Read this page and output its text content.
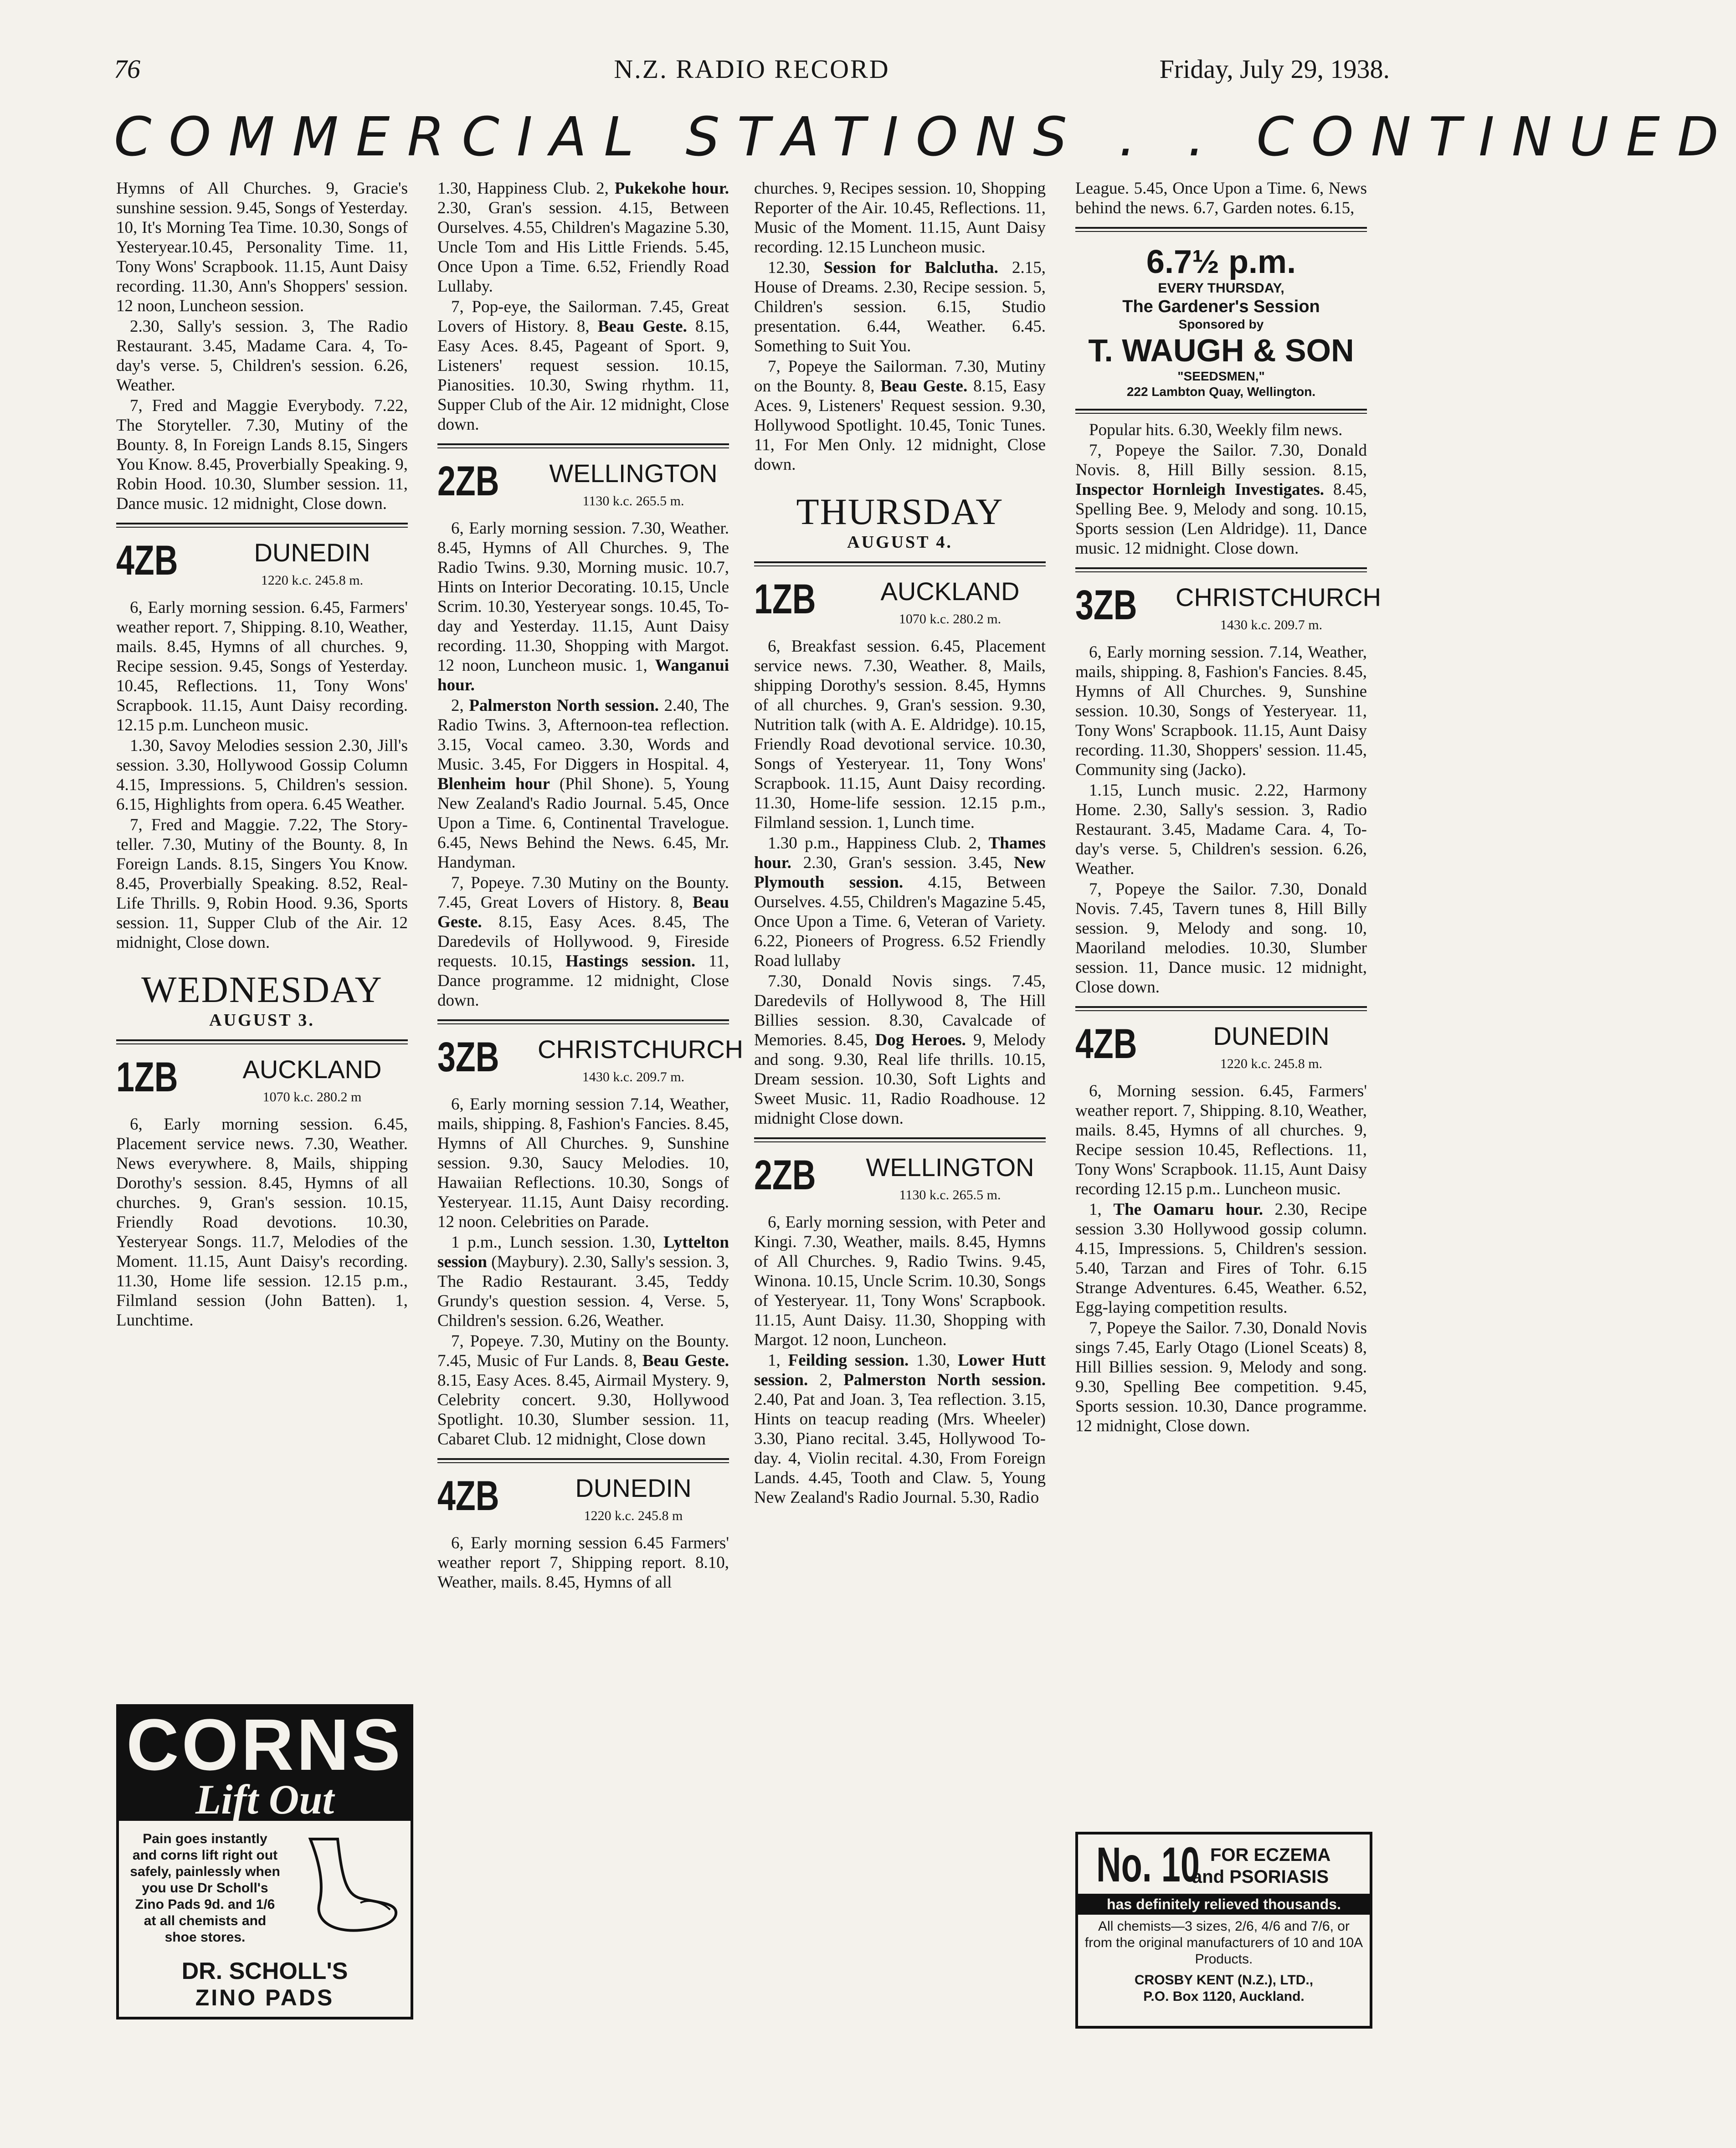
76	N.Z. RADIO RECORD	Friday, July 29, 1938.
COMMERCIAL STATIONS . . CONTINUED

Hymns of All Churches. 9, Gracie's sunshine session. 9.45, Songs of Yesterday. 10, It's Morning Tea Time. 10.30, Songs of Yesteryear.10.45, Personality Time. 11, Tony Wons' Scrapbook. 11.15, Aunt Daisy recording. 11.30, Ann's Shoppers' session. 12 noon, Luncheon session.

2.30, Sally's session. 3, The Radio Restaurant. 3.45, Madame Cara. 4, To-day's verse. 5, Children's session. 6.26, Weather.

7, Fred and Maggie Everybody. 7.22, The Storyteller. 7.30, Mutiny of the Bounty. 8, In Foreign Lands 8.15, Singers You Know. 8.45, Proverbially Speaking. 9, Robin Hood. 10.30, Slumber session. 11, Dance music. 12 midnight, Close down.

4ZB	DUNEDIN
1220 k.c. 245.8 m.

6, Early morning session. 6.45, Farmers' weather report. 7, Shipping. 8.10, Weather, mails. 8.45, Hymns of all churches. 9, Recipe session. 9.45, Songs of Yesterday. 10.45, Reflections. 11, Tony Wons' Scrapbook. 11.15, Aunt Daisy recording. 12.15 p.m. Luncheon music.

1.30, Savoy Melodies session 2.30, Jill's session. 3.30, Hollywood Gossip Column 4.15, Impressions. 5, Children's session. 6.15, Highlights from opera. 6.45 Weather.

7, Fred and Maggie. 7.22, The Story-teller. 7.30, Mutiny of the Bounty. 8, In Foreign Lands. 8.15, Singers You Know. 8.45, Proverbially Speaking. 8.52, Real-Life Thrills. 9, Robin Hood. 9.36, Sports session. 11, Supper Club of the Air. 12 midnight, Close down.

WEDNESDAY
AUGUST 3.
1ZB	AUCKLAND
1070 k.c. 280.2 m

6, Early morning session. 6.45, Placement service news. 7.30, Weather. News everywhere. 8, Mails, shipping Dorothy's session. 8.45, Hymns of all churches. 9, Gran's session. 10.15, Friendly Road devotions. 10.30, Yesteryear Songs. 11.7, Melodies of the Moment. 11.15, Aunt Daisy's recording. 11.30, Home life session. 12.15 p.m., Filmland session (John Batten). 1, Lunchtime.

CORNS
Lift Out
Pain goes instantly and corns lift right out safely, painlessly when you use Dr Scholl's Zino Pads 9d. and 1/6 at all chemists and shoe stores.
DR. SCHOLL'S
ZINO PADS

1.30, Happiness Club. 2, Pukekohe hour. 2.30, Gran's session. 4.15, Between Ourselves. 4.55, Children's Magazine 5.30, Uncle Tom and His Little Friends. 5.45, Once Upon a Time. 6.52, Friendly Road Lullaby.

7, Pop-eye, the Sailorman. 7.45, Great Lovers of History. 8, Beau Geste. 8.15, Easy Aces. 8.45, Pageant of Sport. 9, Listeners' request session. 10.15, Pianosities. 10.30, Swing rhythm. 11, Supper Club of the Air. 12 midnight, Close down.

2ZB	WELLINGTON
1130 k.c. 265.5 m.

6, Early morning session. 7.30, Weather. 8.45, Hymns of All Churches. 9, The Radio Twins. 9.30, Morning music. 10.7, Hints on Interior Decorating. 10.15, Uncle Scrim. 10.30, Yesteryear songs. 10.45, To-day and Yesterday. 11.15, Aunt Daisy recording. 11.30, Shopping with Margot. 12 noon, Luncheon music. 1, Wanganui hour.

2, Palmerston North session. 2.40, The Radio Twins. 3, Afternoon-tea reflection. 3.15, Vocal cameo. 3.30, Words and Music. 3.45, For Diggers in Hospital. 4, Blenheim hour (Phil Shone). 5, Young New Zealand's Radio Journal. 5.45, Once Upon a Time. 6, Continental Travelogue. 6.45, News Behind the News. 6.45, Mr. Handyman.

7, Popeye. 7.30 Mutiny on the Bounty. 7.45, Great Lovers of History. 8, Beau Geste. 8.15, Easy Aces. 8.45, The Daredevils of Hollywood. 9, Fireside requests. 10.15, Hastings session. 11, Dance programme. 12 midnight, Close down.

3ZB CHRISTCHURCH
1430 k.c. 209.7 m.

6, Early morning session 7.14, Weather, mails, shipping. 8, Fashion's Fancies. 8.45, Hymns of All Churches. 9, Sunshine session. 9.30, Saucy Melodies. 10, Hawaiian Reflections. 10.30, Songs of Yesteryear. 11.15, Aunt Daisy recording. 12 noon. Celebrities on Parade.

1 p.m., Lunch session. 1.30, Lyttelton session (Maybury). 2.30, Sally's session. 3, The Radio Restaurant. 3.45, Teddy Grundy's question session. 4, Verse. 5, Children's session. 6.26, Weather.

7, Popeye. 7.30, Mutiny on the Bounty. 7.45, Music of Fur Lands. 8, Beau Geste. 8.15, Easy Aces. 8.45, Airmail Mystery. 9, Celebrity concert. 9.30, Hollywood Spotlight. 10.30, Slumber session. 11, Cabaret Club. 12 midnight, Close down

4ZB	DUNEDIN
1220 k.c. 245.8 m

6, Early morning session 6.45 Farmers' weather report 7, Shipping report. 8.10, Weather, mails. 8.45, Hymns of all

churches. 9, Recipes session. 10, Shopping Reporter of the Air. 10.45, Reflections. 11, Music of the Moment. 11.15, Aunt Daisy recording. 12.15 Luncheon music.

12.30, Session for Balclutha. 2.15, House of Dreams. 2.30, Recipe session. 5, Children's session. 6.15, Studio presentation. 6.44, Weather. 6.45. Something to Suit You.

7, Popeye the Sailorman. 7.30, Mutiny on the Bounty. 8, Beau Geste. 8.15, Easy Aces. 9, Listeners' Request session. 9.30, Hollywood Spotlight. 10.45, Tonic Tunes. 11, For Men Only. 12 midnight, Close down.

THURSDAY
AUGUST 4.
1ZB	AUCKLAND
1070 k.c. 280.2 m.

6, Breakfast session. 6.45, Placement service news. 7.30, Weather. 8, Mails, shipping Dorothy's session. 8.45, Hymns of all churches. 9, Gran's session. 9.30, Nutrition talk (with A. E. Aldridge). 10.15, Friendly Road devotional service. 10.30, Songs of Yesteryear. 11, Tony Wons' Scrapbook. 11.15, Aunt Daisy recording. 11.30, Home-life session. 12.15 p.m., Filmland session. 1, Lunch time.

1.30 p.m., Happiness Club. 2, Thames hour. 2.30, Gran's session. 3.45, New Plymouth session. 4.15, Between Ourselves. 4.55, Children's Magazine 5.45, Once Upon a Time. 6, Veteran of Variety. 6.22, Pioneers of Progress. 6.52 Friendly Road lullaby

7.30, Donald Novis sings. 7.45, Daredevils of Hollywood 8, The Hill Billies session. 8.30, Cavalcade of Memories. 8.45, Dog Heroes. 9, Melody and song. 9.30, Real life thrills. 10.15, Dream session. 10.30, Soft Lights and Sweet Music. 11, Radio Roadhouse. 12 midnight Close down.

2ZB	WELLINGTON
1130 k.c. 265.5 m.

6, Early morning session, with Peter and Kingi. 7.30, Weather, mails. 8.45, Hymns of All Churches. 9, Radio Twins. 9.45, Winona. 10.15, Uncle Scrim. 10.30, Songs of Yesteryear. 11, Tony Wons' Scrapbook. 11.15, Aunt Daisy. 11.30, Shopping with Margot. 12 noon, Luncheon.

1, Feilding session. 1.30, Lower Hutt session. 2, Palmerston North session. 2.40, Pat and Joan. 3, Tea reflection. 3.15, Hints on teacup reading (Mrs. Wheeler) 3.30, Piano recital. 3.45, Hollywood To-day. 4, Violin recital. 4.30, From Foreign Lands. 4.45, Tooth and Claw. 5, Young New Zealand's Radio Journal. 5.30, Radio

League. 5.45, Once Upon a Time. 6, News behind the news. 6.7, Garden notes. 6.15,

6.7½ p.m.
EVERY THURSDAY,
The Gardener's Session
Sponsored by
T. WAUGH & SON
"SEEDSMEN,"
222 Lambton Quay, Wellington.

Popular hits. 6.30, Weekly film news.

7, Popeye the Sailor. 7.30, Donald Novis. 8, Hill Billy session. 8.15, Inspector Hornleigh Investigates. 8.45, Spelling Bee. 9, Melody and song. 10.15, Sports session (Len Aldridge). 11, Dance music. 12 midnight. Close down.

3ZB CHRISTCHURCH
1430 k.c. 209.7 m.

6, Early morning session. 7.14, Weather, mails, shipping. 8, Fashion's Fancies. 8.45, Hymns of All Churches. 9, Sunshine session. 10.30, Songs of Yesteryear. 11, Tony Wons' Scrapbook. 11.15, Aunt Daisy recording. 11.30, Shoppers' session. 11.45, Community sing (Jacko).

1.15, Lunch music. 2.22, Harmony Home. 2.30, Sally's session. 3, Radio Restaurant. 3.45, Madame Cara. 4, To-day's verse. 5, Children's session. 6.26, Weather.

7, Popeye the Sailor. 7.30, Donald Novis. 7.45, Tavern tunes 8, Hill Billy session. 9, Melody and song. 10, Maoriland melodies. 10.30, Slumber session. 11, Dance music. 12 midnight, Close down.

4ZB	DUNEDIN
1220 k.c. 245.8 m.

6, Morning session. 6.45, Farmers' weather report. 7, Shipping. 8.10, Weather, mails. 8.45, Hymns of all churches. 9, Recipe session 10.45, Reflections. 11, Tony Wons' Scrapbook. 11.15, Aunt Daisy recording 12.15 p.m.. Luncheon music.

1, The Oamaru hour. 2.30, Recipe session 3.30 Hollywood gossip column. 4.15, Impressions. 5, Children's session. 5.40, Tarzan and Fires of Tohr. 6.15 Strange Adventures. 6.45, Weather. 6.52, Egg-laying competition results.

7, Popeye the Sailor. 7.30, Donald Novis sings 7.45, Early Otago (Lionel Sceats) 8, Hill Billies session. 9, Melody and song. 9.30, Spelling Bee competition. 9.45, Sports session. 10.30, Dance programme. 12 midnight, Close down.

No. 10 FOR ECZEMA
and PSORIASIS
has definitely relieved thousands.
All chemists—3 sizes, 2/6, 4/6 and 7/6, or from the original manufacturers of 10 and 10A Products.
CROSBY KENT (N.Z.), LTD.,
P.O. Box 1120, Auckland.
